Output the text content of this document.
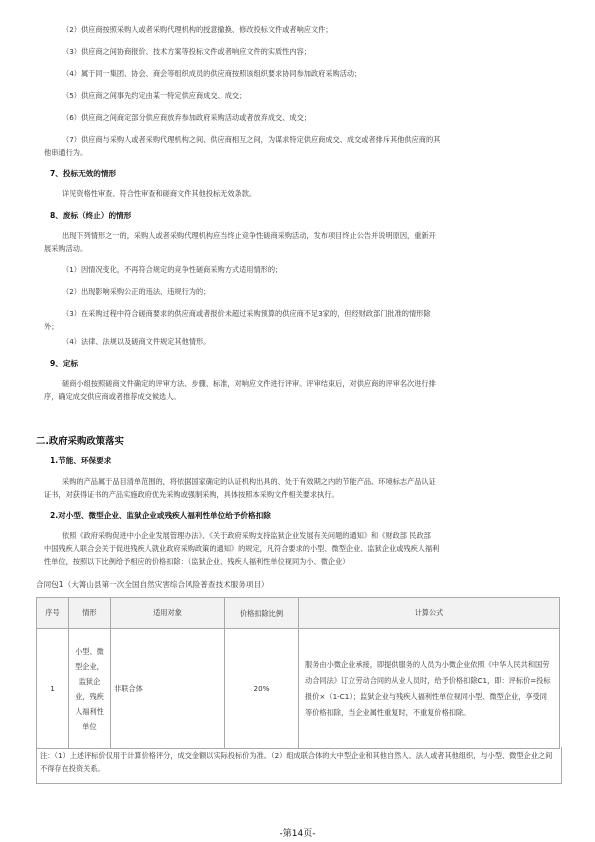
（2）供应商按照采购人或者采购代理机构的授意撤换、修改投标文件或者响应文件；
（3）供应商之间协商报价、技术方案等投标文件或者响应文件的实质性内容；
（4）属于同一集团、协会、商会等组织成员的供应商按照该组织要求协同参加政府采购活动；
（5）供应商之间事先约定由某一特定供应商成交、成交；
（6）供应商之间商定部分供应商放弃参加政府采购活动或者放弃成交、成交；
（7）供应商与采购人或者采购代理机构之间、供应商相互之间，为谋求特定供应商成交、成交或者排斥其他供应商的其
他串通行为。
7、投标无效的情形
详见资格性审查、符合性审查和磋商文件其他投标无效条款。
8、废标（终止）的情形
出现下列情形之一的，采购人或者采购代理机构应当终止竞争性磋商采购活动，发布项目终止公告并说明原因，重新开
展采购活动。
（1）因情况变化，不再符合规定的竞争性磋商采购方式适用情形的；
（2）出现影响采购公正的违法、违规行为的；
（3）在采购过程中符合磋商要求的供应商或者报价未超过采购预算的供应商不足3家的，但经财政部门批准的情形除
外；
（4）法律、法规以及磋商文件规定其他情形。
9、定标
磋商小组按照磋商文件确定的评审方法、步骤、标准，对响应文件进行评审。评审结束后，对供应商的评审名次进行排
序，确定成交供应商或者推荐成交候选人。
二.政府采购政策落实
1.节能、环保要求
采购的产品属于品目清单范围的，将依据国家确定的认证机构出具的、处于有效期之内的节能产品、环境标志产品认证
证书，对获得证书的产品实施政府优先采购或强制采购，具体按照本采购文件相关要求执行。
2.对小型、微型企业、监狱企业或残疾人福利性单位给予价格扣除
依照《政府采购促进中小企业发展管理办法》、《关于政府采购支持监狱企业发展有关问题的通知》和《财政部 民政部
中国残疾人联合会关于促进残疾人就业政府采购政策的通知》的规定，凡符合要求的小型、微型企业、监狱企业或残疾人福利
性单位，按照以下比例给予相应的价格扣除：（监狱企业、残疾人福利性单位视同为小、微企业）
合同包1（大箐山县第一次全国自然灾害综合风险普查技术服务项目）
序号	情形	适用对象	价格扣除比例	计算公式
1	小型、微型企业，监狱企业，残疾人福利性单位	非联合体	20%	服务由小微企业承接，即提供服务的人员为小微企业依照《中华人民共和国劳动合同法》订立劳动合同的从业人员时，给予价格扣除C1，即：评标价=投标报价×（1-C1）；监狱企业与残疾人福利性单位视同小型、微型企业，享受同等价格扣除，当企业属性重复时，不重复价格扣除。
注：（1）上述评标价仅用于计算价格评分，成交金额以实际投标价为准。（2）组成联合体的大中型企业和其他自然人、法人或者其他组织，与小型、微型企业之间不得存在投资关系。
-第14页-
